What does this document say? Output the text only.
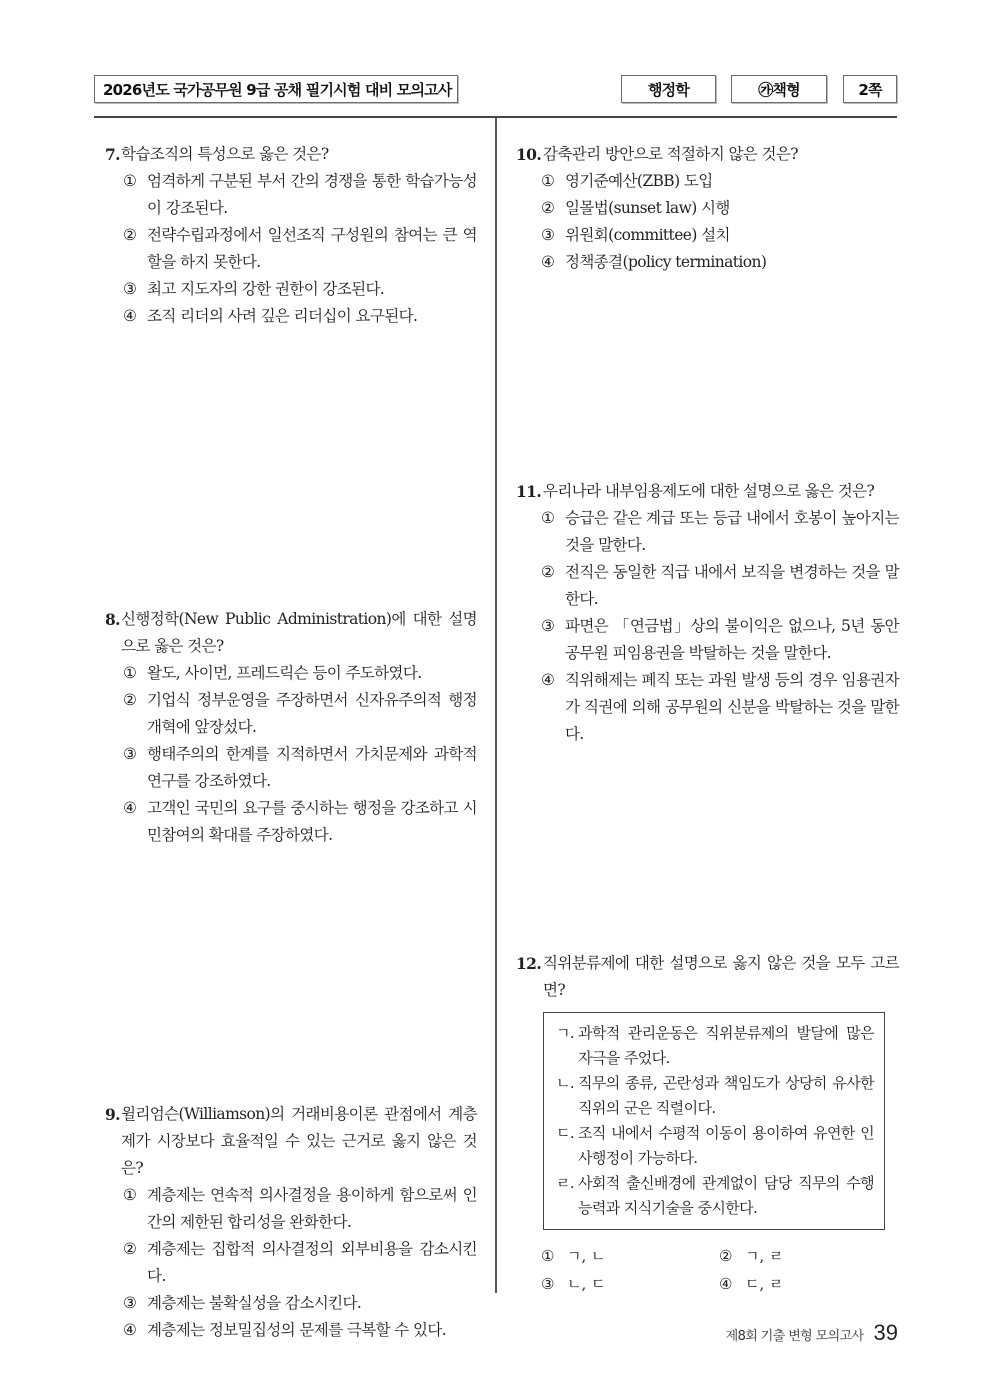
2026년도 국가공무원 9급 공채 필기시험 대비 모의고사	행정학	㉮책형	2쪽
7. 학습조직의 특성으로 옳은 것은?
① 엄격하게 구분된 부서 간의 경쟁을 통한 학습가능성이 강조된다.
② 전략수립과정에서 일선조직 구성원의 참여는 큰 역할을 하지 못한다.
③ 최고 지도자의 강한 권한이 강조된다.
④ 조직 리더의 사려 깊은 리더십이 요구된다.
8. 신행정학(New Public Administration)에 대한 설명으로 옳은 것은?
① 왈도, 사이먼, 프레드릭슨 등이 주도하였다.
② 기업식 정부운영을 주장하면서 신자유주의적 행정개혁에 앞장섰다.
③ 행태주의의 한계를 지적하면서 가치문제와 과학적 연구를 강조하였다.
④ 고객인 국민의 요구를 중시하는 행정을 강조하고 시민참여의 확대를 주장하였다.
9. 윌리엄슨(Williamson)의 거래비용이론 관점에서 계층제가 시장보다 효율적일 수 있는 근거로 옳지 않은 것은?
① 계층제는 연속적 의사결정을 용이하게 함으로써 인간의 제한된 합리성을 완화한다.
② 계층제는 집합적 의사결정의 외부비용을 감소시킨다.
③ 계층제는 불확실성을 감소시킨다.
④ 계층제는 정보밀집성의 문제를 극복할 수 있다.
10. 감축관리 방안으로 적절하지 않은 것은?
① 영기준예산(ZBB) 도입
② 일몰법(sunset law) 시행
③ 위원회(committee) 설치
④ 정책종결(policy termination)
11. 우리나라 내부임용제도에 대한 설명으로 옳은 것은?
① 승급은 같은 계급 또는 등급 내에서 호봉이 높아지는 것을 말한다.
② 전직은 동일한 직급 내에서 보직을 변경하는 것을 말한다.
③ 파면은 「연금법」상의 불이익은 없으나, 5년 동안 공무원 피임용권을 박탈하는 것을 말한다.
④ 직위해제는 폐직 또는 과원 발생 등의 경우 임용권자가 직권에 의해 공무원의 신분을 박탈하는 것을 말한다.
12. 직위분류제에 대한 설명으로 옳지 않은 것을 모두 고르면?
ㄱ. 과학적 관리운동은 직위분류제의 발달에 많은 자극을 주었다.
ㄴ. 직무의 종류, 곤란성과 책임도가 상당히 유사한 직위의 군은 직렬이다.
ㄷ. 조직 내에서 수평적 이동이 용이하여 유연한 인사행정이 가능하다.
ㄹ. 사회적 출신배경에 관계없이 담당 직무의 수행능력과 지식기술을 중시한다.
① ㄱ, ㄴ	② ㄱ, ㄹ
③ ㄴ, ㄷ	④ ㄷ, ㄹ
제8회 기출 변형 모의고사 39
